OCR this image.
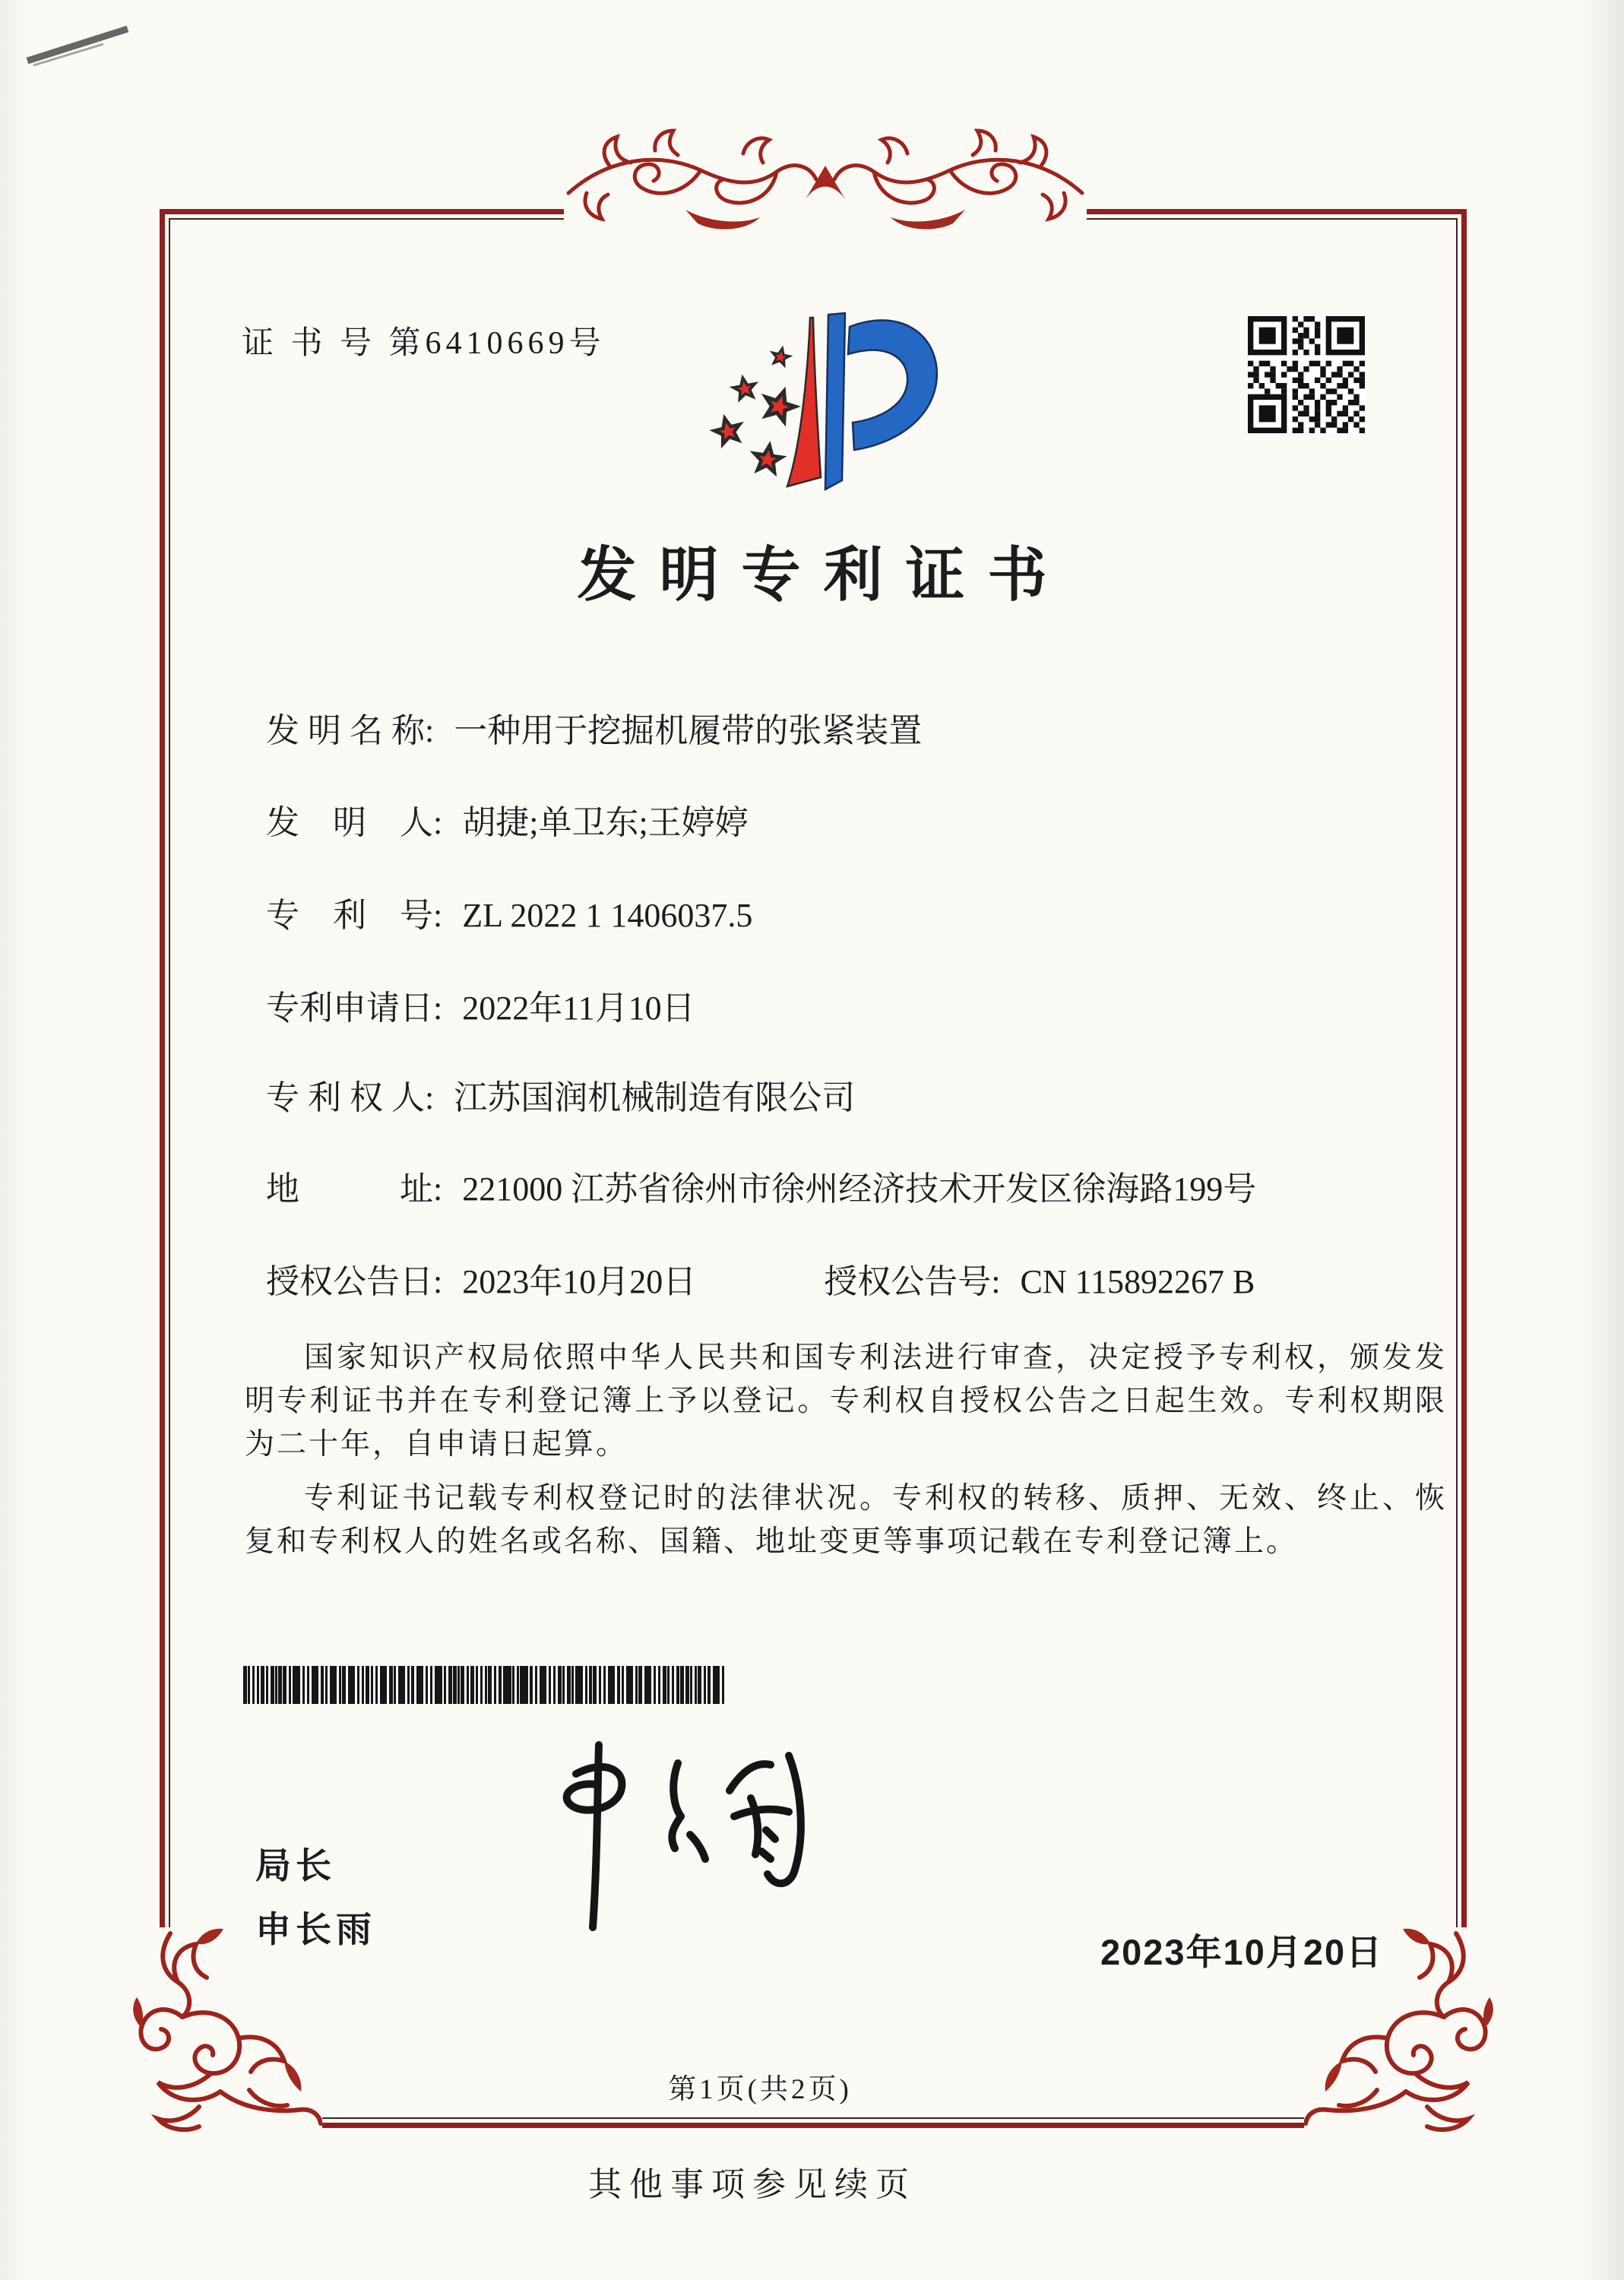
证 书 号 第6410669号
发明专利证书
发 明 名 称: 一种用于挖掘机履带的张紧装置
发　明　人: 胡捷;单卫东;王婷婷
专　利　号: ZL 2022 1 1406037.5
专利申请日: 2022年11月10日
专 利 权 人: 江苏国润机械制造有限公司
地　　　址: 221000 江苏省徐州市徐州经济技术开发区徐海路199号
授权公告日: 2023年10月20日	授权公告号: CN 115892267 B

国家知识产权局依照中华人民共和国专利法进行审查，决定授予专利权，颁发发明专利证书并在专利登记簿上予以登记。专利权自授权公告之日起生效。专利权期限为二十年，自申请日起算。

专利证书记载专利权登记时的法律状况。专利权的转移、质押、无效、终止、恢复和专利权人的姓名或名称、国籍、地址变更等事项记载在专利登记簿上。

局长
申长雨
2023年10月20日
第1页(共2页)
其他事项参见续页
